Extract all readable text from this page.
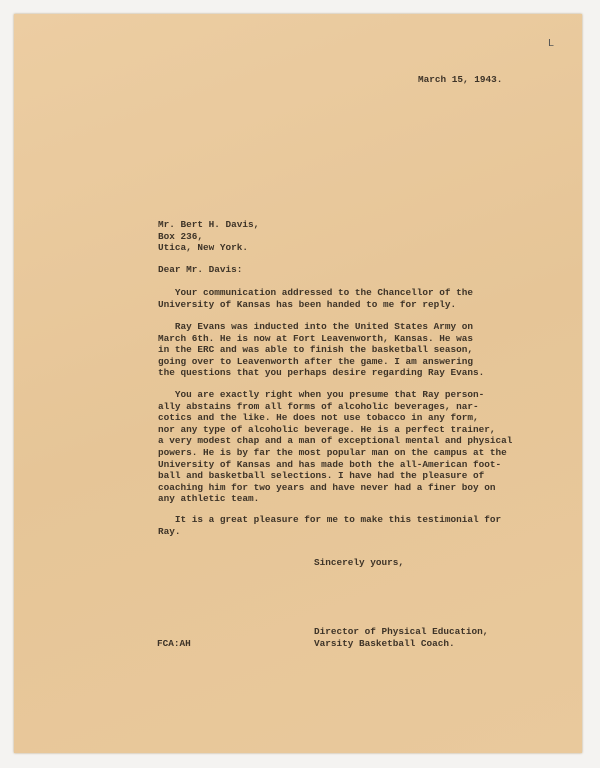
L
March 15, 1943.
Mr. Bert H. Davis,
Box 236,
Utica, New York.
Dear Mr. Davis:
Your communication addressed to the Chancellor of the
University of Kansas has been handed to me for reply.
Ray Evans was inducted into the United States Army on
March 6th. He is now at Fort Leavenworth, Kansas. He was
in the ERC and was able to finish the basketball season,
going over to Leavenworth after the game. I am answering
the questions that you perhaps desire regarding Ray Evans.
You are exactly right when you presume that Ray person-
ally abstains from all forms of alcoholic beverages, nar-
cotics and the like. He does not use tobacco in any form,
nor any type of alcoholic beverage. He is a perfect trainer,
a very modest chap and a man of exceptional mental and physical
powers. He is by far the most popular man on the campus at the
University of Kansas and has made both the all-American foot-
ball and basketball selections. I have had the pleasure of
coaching him for two years and have never had a finer boy on
any athletic team.
It is a great pleasure for me to make this testimonial for
Ray.
Sincerely yours,
Director of Physical Education,
Varsity Basketball Coach.
FCA:AH
